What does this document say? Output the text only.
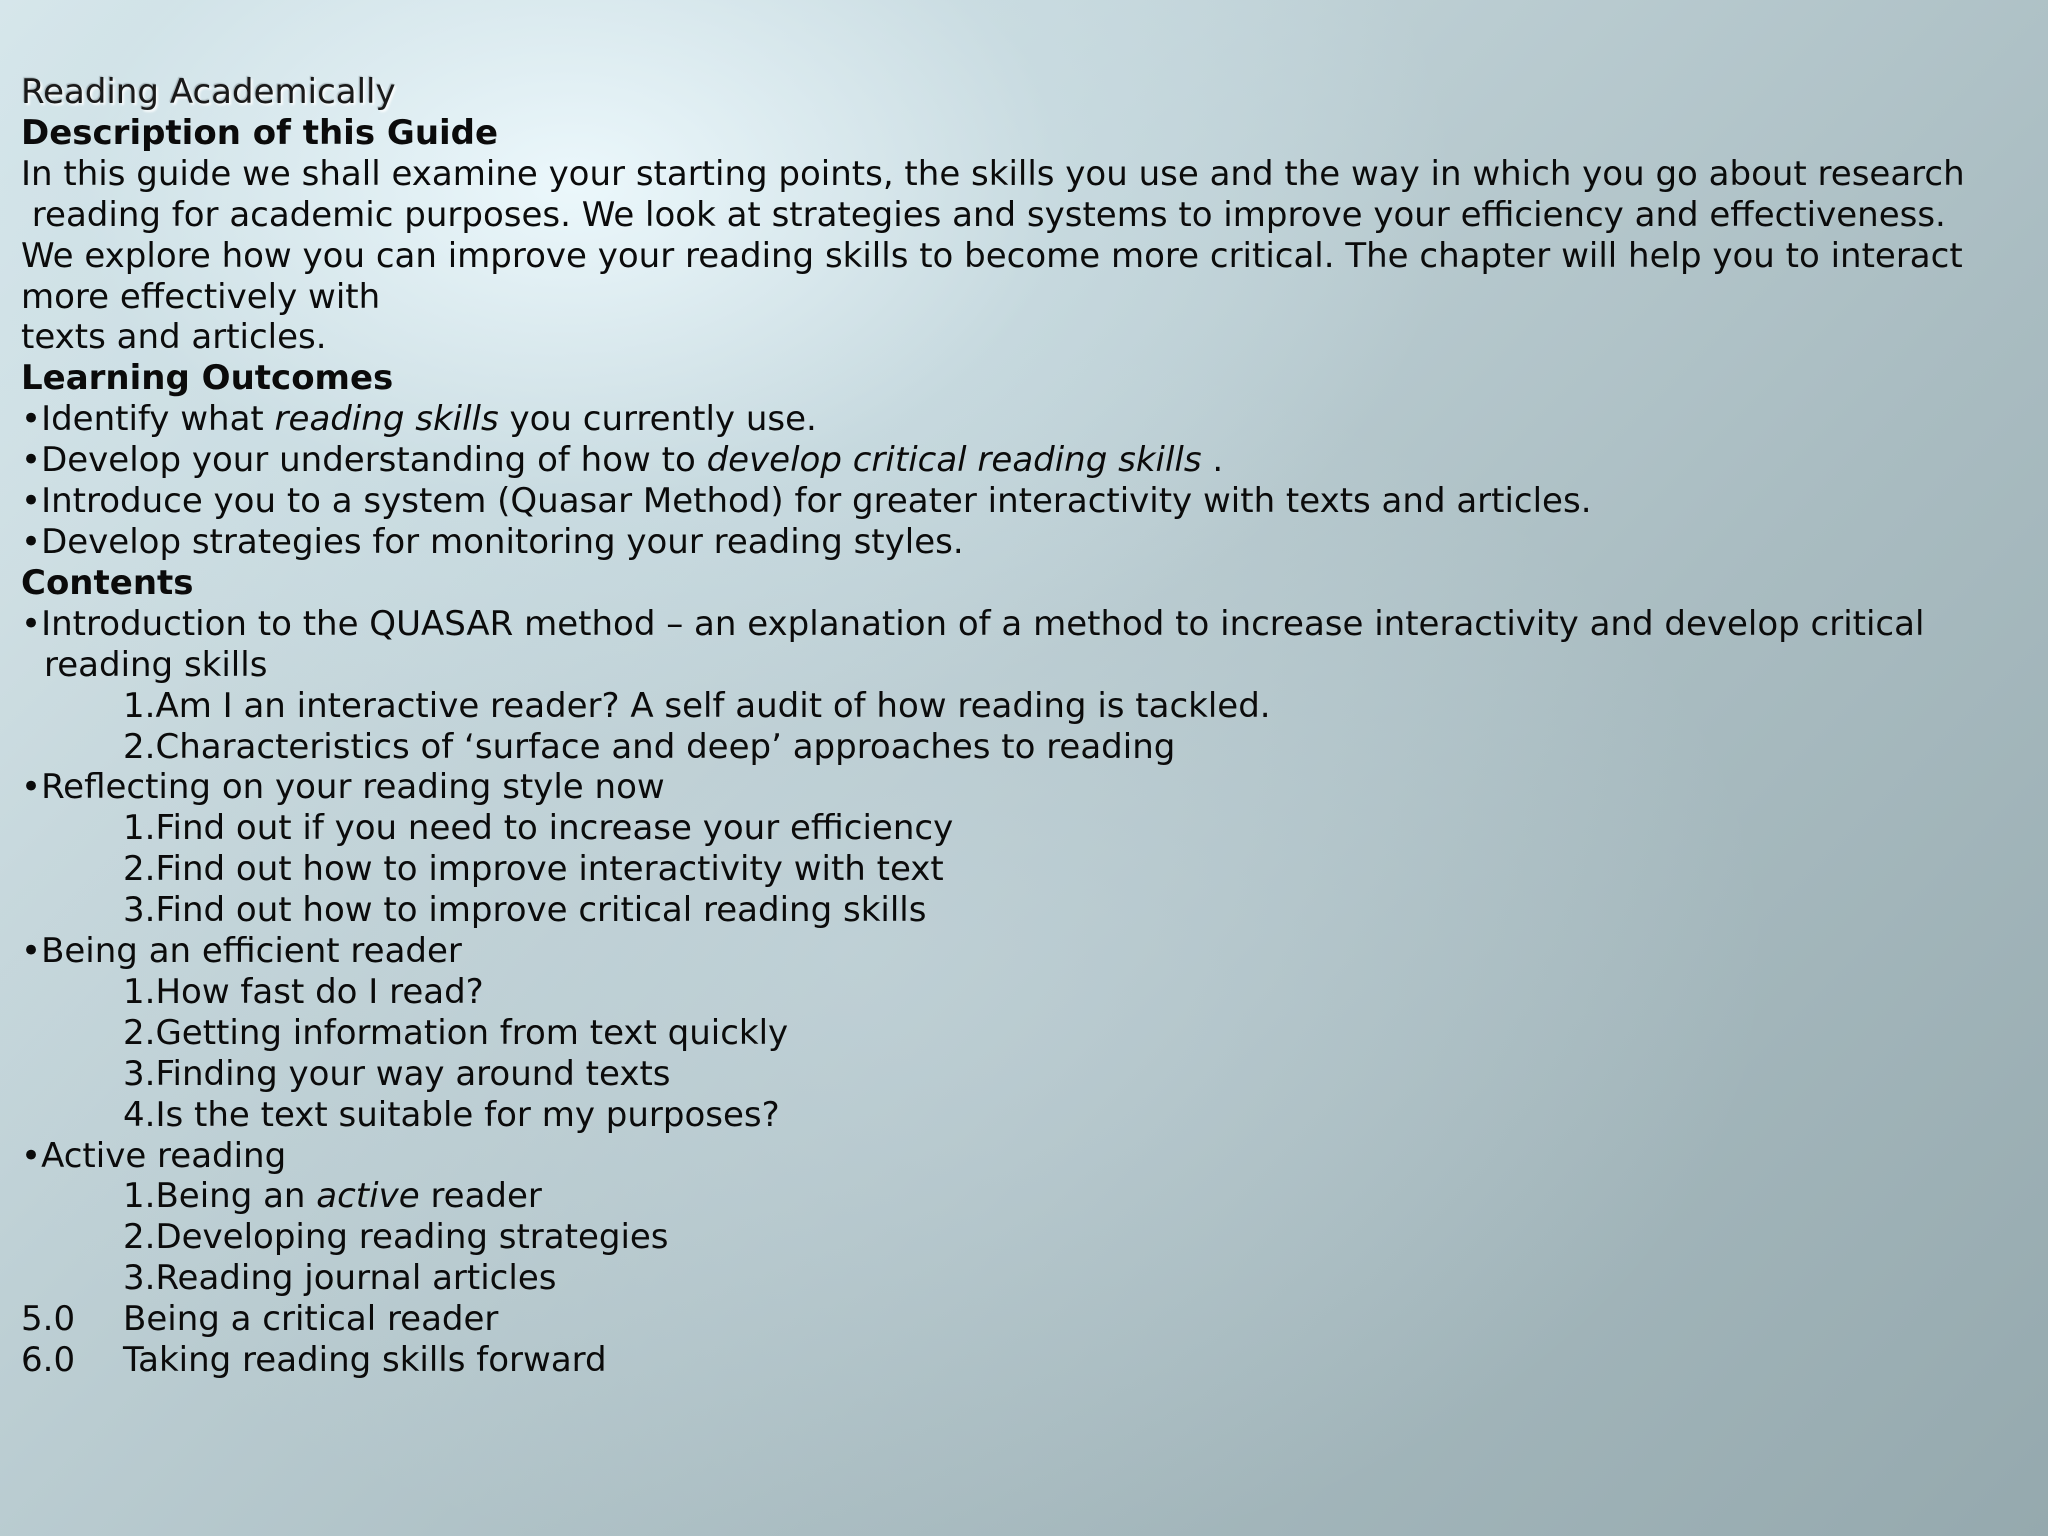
Reading Academically
Description of this Guide
In this guide we shall examine your starting points, the skills you use and the way in which you go about research
reading for academic purposes. We look at strategies and systems to improve your efficiency and effectiveness.
We explore how you can improve your reading skills to become more critical. The chapter will help you to interact
more effectively with
texts and articles.
Learning Outcomes
• Identify what reading skills you currently use.
• Develop your understanding of how to develop critical reading skills .
• Introduce you to a system (Quasar Method) for greater interactivity with texts and articles.
• Develop strategies for monitoring your reading styles.
Contents
• Introduction to the QUASAR method – an explanation of a method to increase interactivity and develop critical
reading skills
1.Am I an interactive reader? A self audit of how reading is tackled.
2.Characteristics of ‘surface and deep’ approaches to reading
• Reflecting on your reading style now
1.Find out if you need to increase your efficiency
2.Find out how to improve interactivity with text
3.Find out how to improve critical reading skills
• Being an efficient reader
1.How fast do I read?
2.Getting information from text quickly
3.Finding your way around texts
4.Is the text suitable for my purposes?
• Active reading
1.Being an active reader
2.Developing reading strategies
3.Reading journal articles
5.0	Being a critical reader
6.0	Taking reading skills forward
